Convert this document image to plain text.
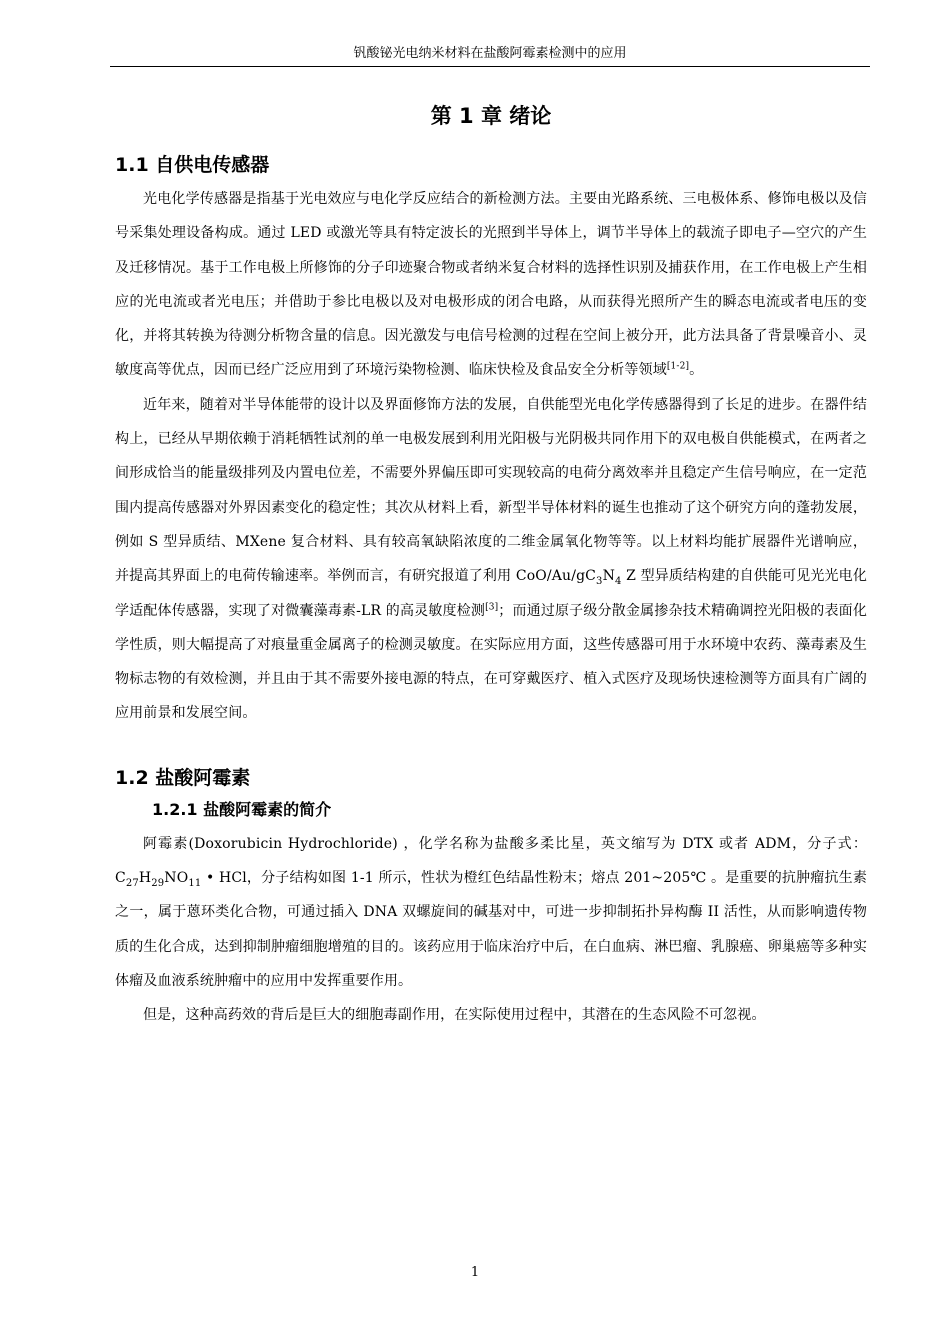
钒酸铋光电纳米材料在盐酸阿霉素检测中的应用
第 1 章 绪论
1.1 自供电传感器

光电化学传感器是指基于光电效应与电化学反应结合的新检测方法。主要由光路系统、三电极体系、修饰电极以及信号采集处理设备构成。通过 LED 或激光等具有特定波长的光照到半导体上，调节半导体上的载流子即电子—空穴的产生及迁移情况。基于工作电极上所修饰的分子印迹聚合物或者纳米复合材料的选择性识别及捕获作用，在工作电极上产生相应的光电流或者光电压；并借助于参比电极以及对电极形成的闭合电路，从而获得光照所产生的瞬态电流或者电压的变化，并将其转换为待测分析物含量的信息。因光激发与电信号检测的过程在空间上被分开，此方法具备了背景噪音小、灵敏度高等优点，因而已经广泛应用到了环境污染物检测、临床快检及食品安全分析等领域[1-2]。

近年来，随着对半导体能带的设计以及界面修饰方法的发展，自供能型光电化学传感器得到了长足的进步。在器件结构上，已经从早期依赖于消耗牺牲试剂的单一电极发展到利用光阳极与光阴极共同作用下的双电极自供能模式，在两者之间形成恰当的能量级排列及内置电位差，不需要外界偏压即可实现较高的电荷分离效率并且稳定产生信号响应，在一定范围内提高传感器对外界因素变化的稳定性；其次从材料上看，新型半导体材料的诞生也推动了这个研究方向的蓬勃发展，例如 S 型异质结、MXene 复合材料、具有较高氧缺陷浓度的二维金属氧化物等等。以上材料均能扩展器件光谱响应，并提高其界面上的电荷传输速率。举例而言，有研究报道了利用 CoO/$Au/gC_3N_4$ Z 型异质结构建的自供能可见光光电化学适配体传感器，实现了对微囊藻毒素-LR 的高灵敏度检测[3]；而通过原子级分散金属掺杂技术精确调控光阳极的表面化学性质，则大幅提高了对痕量重金属离子的检测灵敏度。在实际应用方面，这些传感器可用于水环境中农药、藻毒素及生物标志物的有效检测，并且由于其不需要外接电源的特点，在可穿戴医疗、植入式医疗及现场快速检测等方面具有广阔的应用前景和发展空间。

1.2 盐酸阿霉素
1.2.1 盐酸阿霉素的简介

阿霉素(Doxorubicin Hydrochloride) ，化学名称为盐酸多柔比星，英文缩写为 DTX 或者 ADM，分子式：$C_{27}H_{29}NO_{11}$ • HCl，分子结构如图 1-1 所示，性状为橙红色结晶性粉末；熔点 201~205℃ 。是重要的抗肿瘤抗生素之一，属于蒽环类化合物，可通过插入 DNA 双螺旋间的碱基对中，可进一步抑制拓扑异构酶 II 活性，从而影响遗传物质的生化合成，达到抑制肿瘤细胞增殖的目的。该药应用于临床治疗中后，在白血病、淋巴瘤、乳腺癌、卵巢癌等多种实体瘤及血液系统肿瘤中的应用中发挥重要作用。

但是，这种高药效的背后是巨大的细胞毒副作用，在实际使用过程中，其潜在的生态风险不可忽视。

1
